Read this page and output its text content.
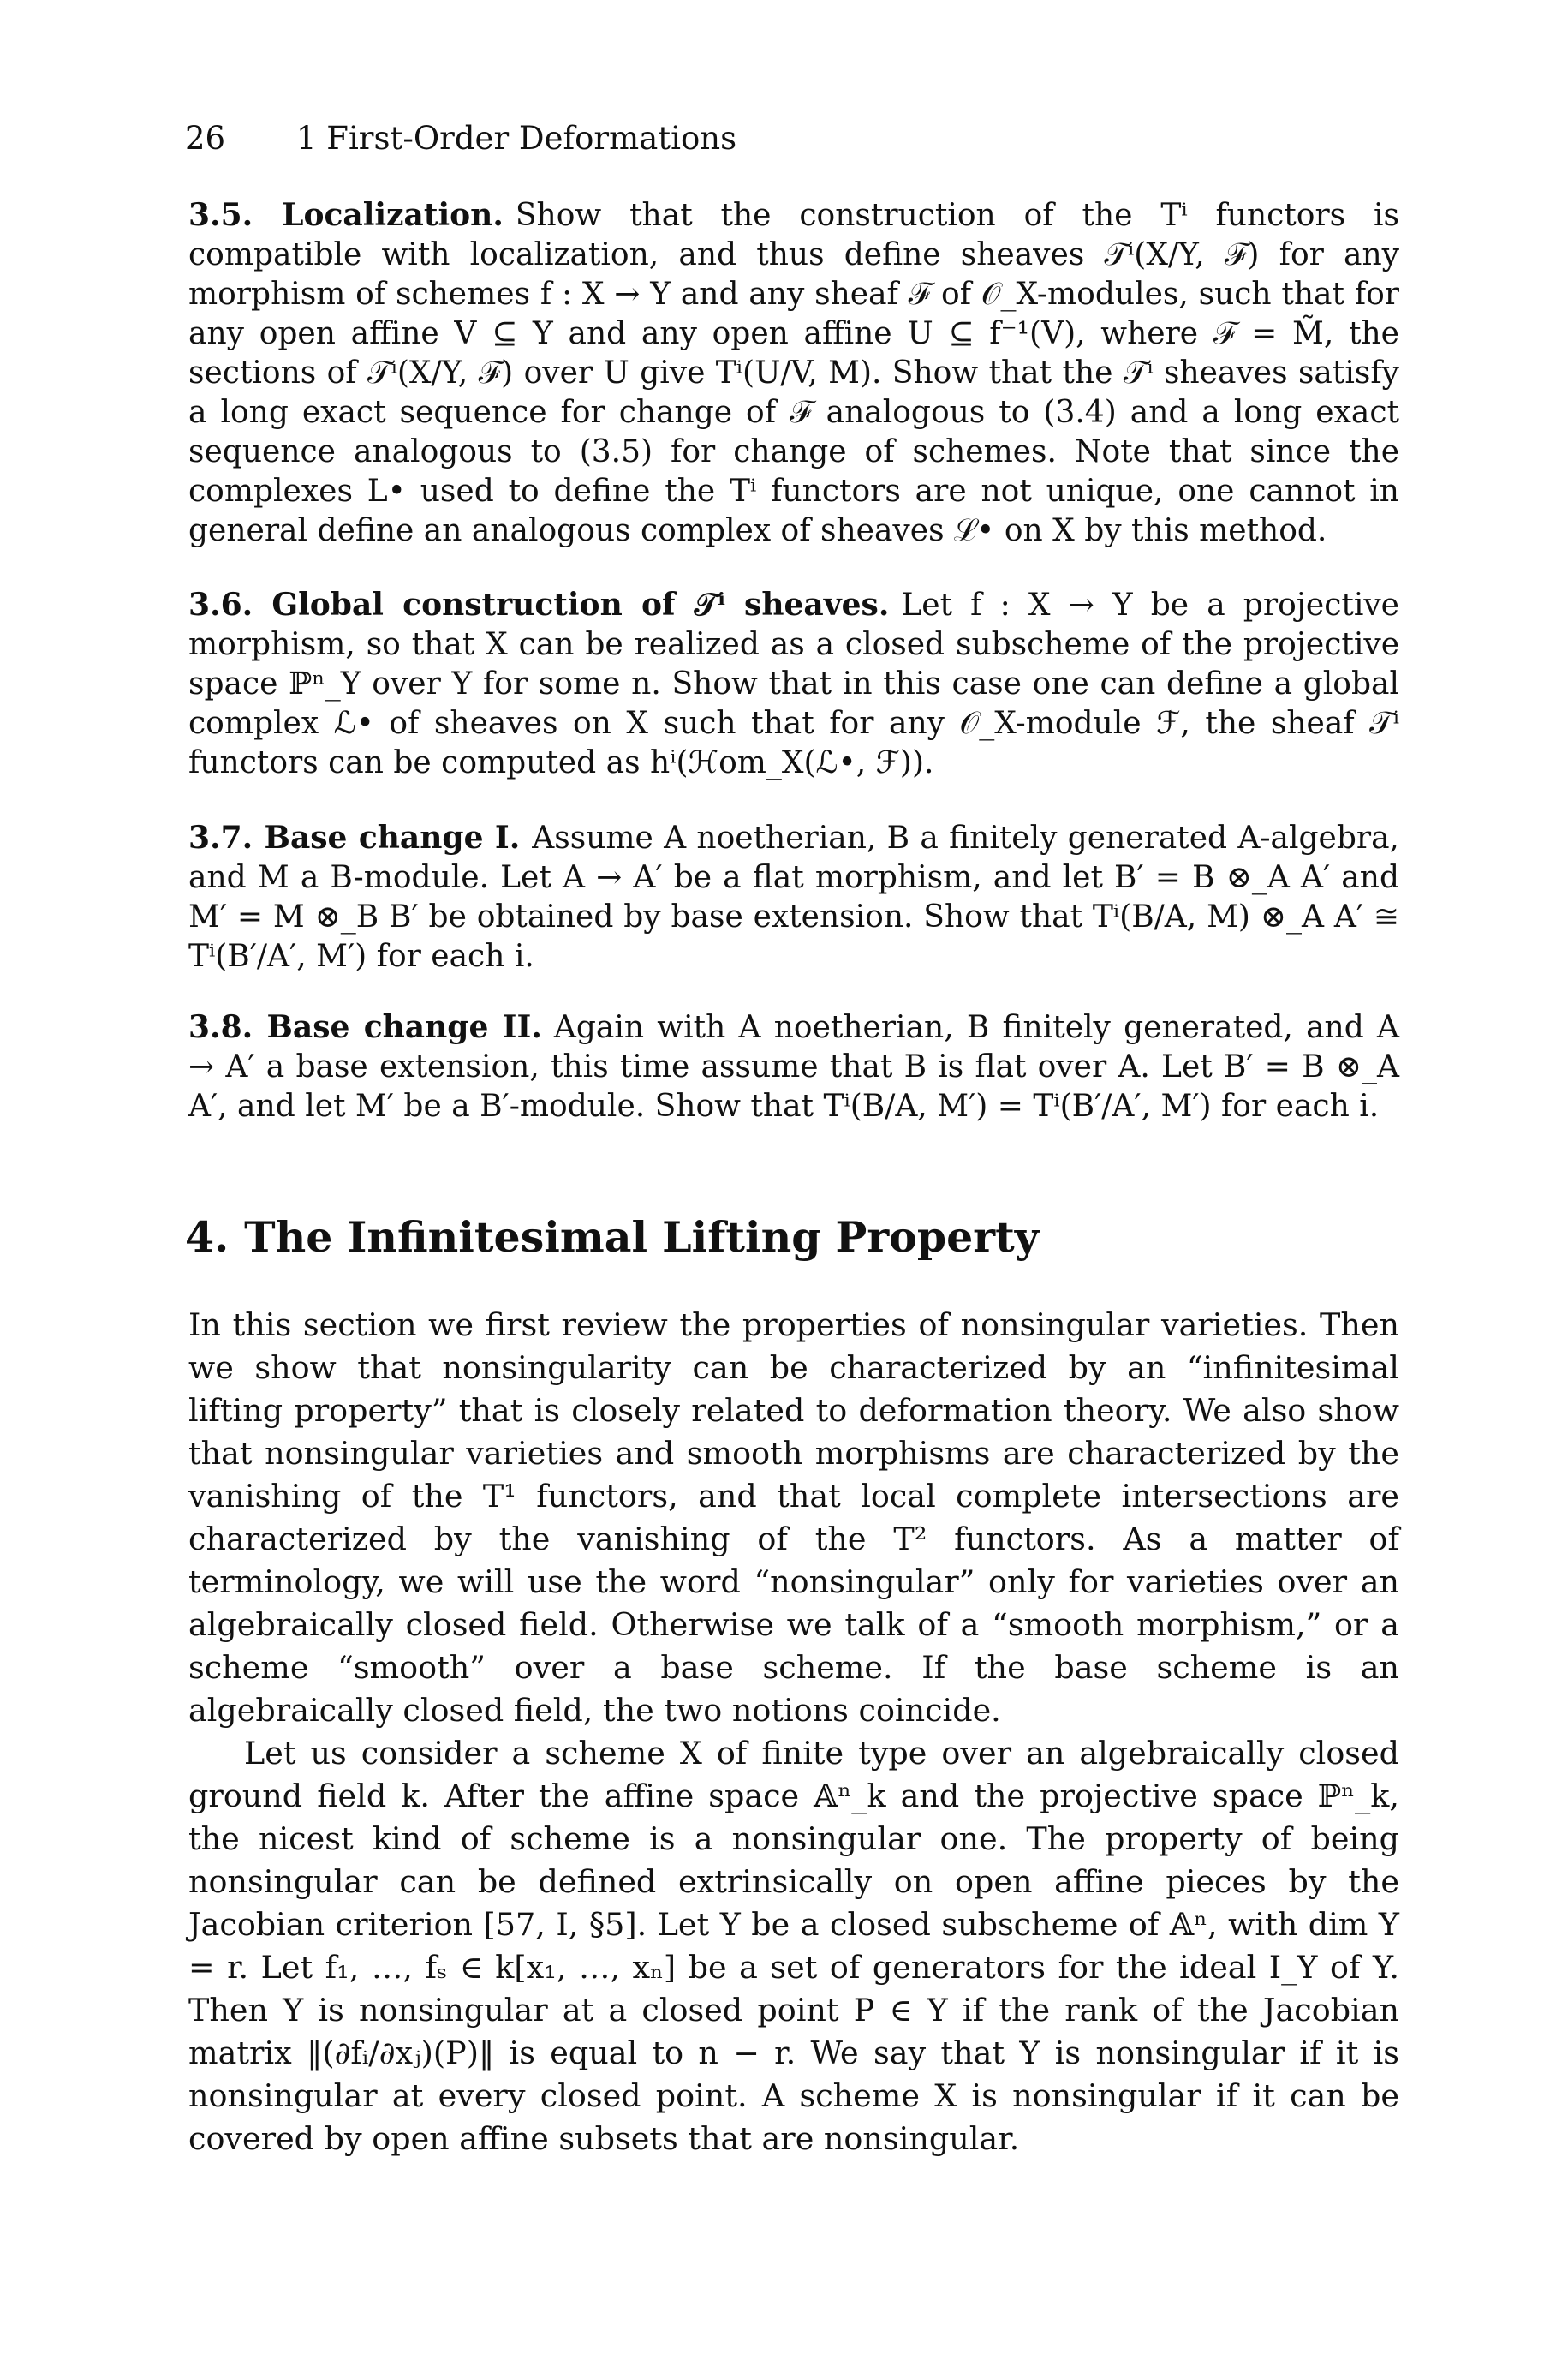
26 1 First-Order Deformations

3.5. Localization. Show that the construction of the Tⁱ functors is compatible with localization, and thus define sheaves 𝒯ⁱ(X/Y, ℱ) for any morphism of schemes f : X → Y and any sheaf ℱ of 𝒪_X-modules, such that for any open affine V ⊆ Y and any open affine U ⊆ f⁻¹(V), where ℱ = M̃, the sections of 𝒯ⁱ(X/Y, ℱ) over U give Tⁱ(U/V, M). Show that the 𝒯ⁱ sheaves satisfy a long exact sequence for change of ℱ analogous to (3.4) and a long exact sequence analogous to (3.5) for change of schemes. Note that since the complexes L• used to define the Tⁱ functors are not unique, one cannot in general define an analogous complex of sheaves ℒ• on X by this method.

3.6. Global construction of 𝒯ⁱ sheaves. Let f : X → Y be a projective morphism, so that X can be realized as a closed subscheme of the projective space ℙⁿ_Y over Y for some n. Show that in this case one can define a global complex ℒ• of sheaves on X such that for any 𝒪_X-module ℱ, the sheaf 𝒯ⁱ functors can be computed as hⁱ(ℋom_X(ℒ•, ℱ)).

3.7. Base change I. Assume A noetherian, B a finitely generated A-algebra, and M a B-module. Let A → A′ be a flat morphism, and let B′ = B ⊗_A A′ and M′ = M ⊗_B B′ be obtained by base extension. Show that Tⁱ(B/A, M) ⊗_A A′ ≅ Tⁱ(B′/A′, M′) for each i.

3.8. Base change II. Again with A noetherian, B finitely generated, and A → A′ a base extension, this time assume that B is flat over A. Let B′ = B ⊗_A A′, and let M′ be a B′-module. Show that Tⁱ(B/A, M′) = Tⁱ(B′/A′, M′) for each i.

4. The Infinitesimal Lifting Property

In this section we first review the properties of nonsingular varieties. Then we show that nonsingularity can be characterized by an “infinitesimal lifting property” that is closely related to deformation theory. We also show that nonsingular varieties and smooth morphisms are characterized by the vanishing of the T¹ functors, and that local complete intersections are characterized by the vanishing of the T² functors. As a matter of terminology, we will use the word “nonsingular” only for varieties over an algebraically closed field. Otherwise we talk of a “smooth morphism,” or a scheme “smooth” over a base scheme. If the base scheme is an algebraically closed field, the two notions coincide.

Let us consider a scheme X of finite type over an algebraically closed ground field k. After the affine space 𝔸ⁿ_k and the projective space ℙⁿ_k, the nicest kind of scheme is a nonsingular one. The property of being nonsingular can be defined extrinsically on open affine pieces by the Jacobian criterion [57, I, §5]. Let Y be a closed subscheme of 𝔸ⁿ, with dim Y = r. Let f₁, …, fₛ ∈ k[x₁, …, xₙ] be a set of generators for the ideal I_Y of Y. Then Y is nonsingular at a closed point P ∈ Y if the rank of the Jacobian matrix ‖(∂fᵢ/∂xⱼ)(P)‖ is equal to n − r. We say that Y is nonsingular if it is nonsingular at every closed point. A scheme X is nonsingular if it can be covered by open affine subsets that are nonsingular.
